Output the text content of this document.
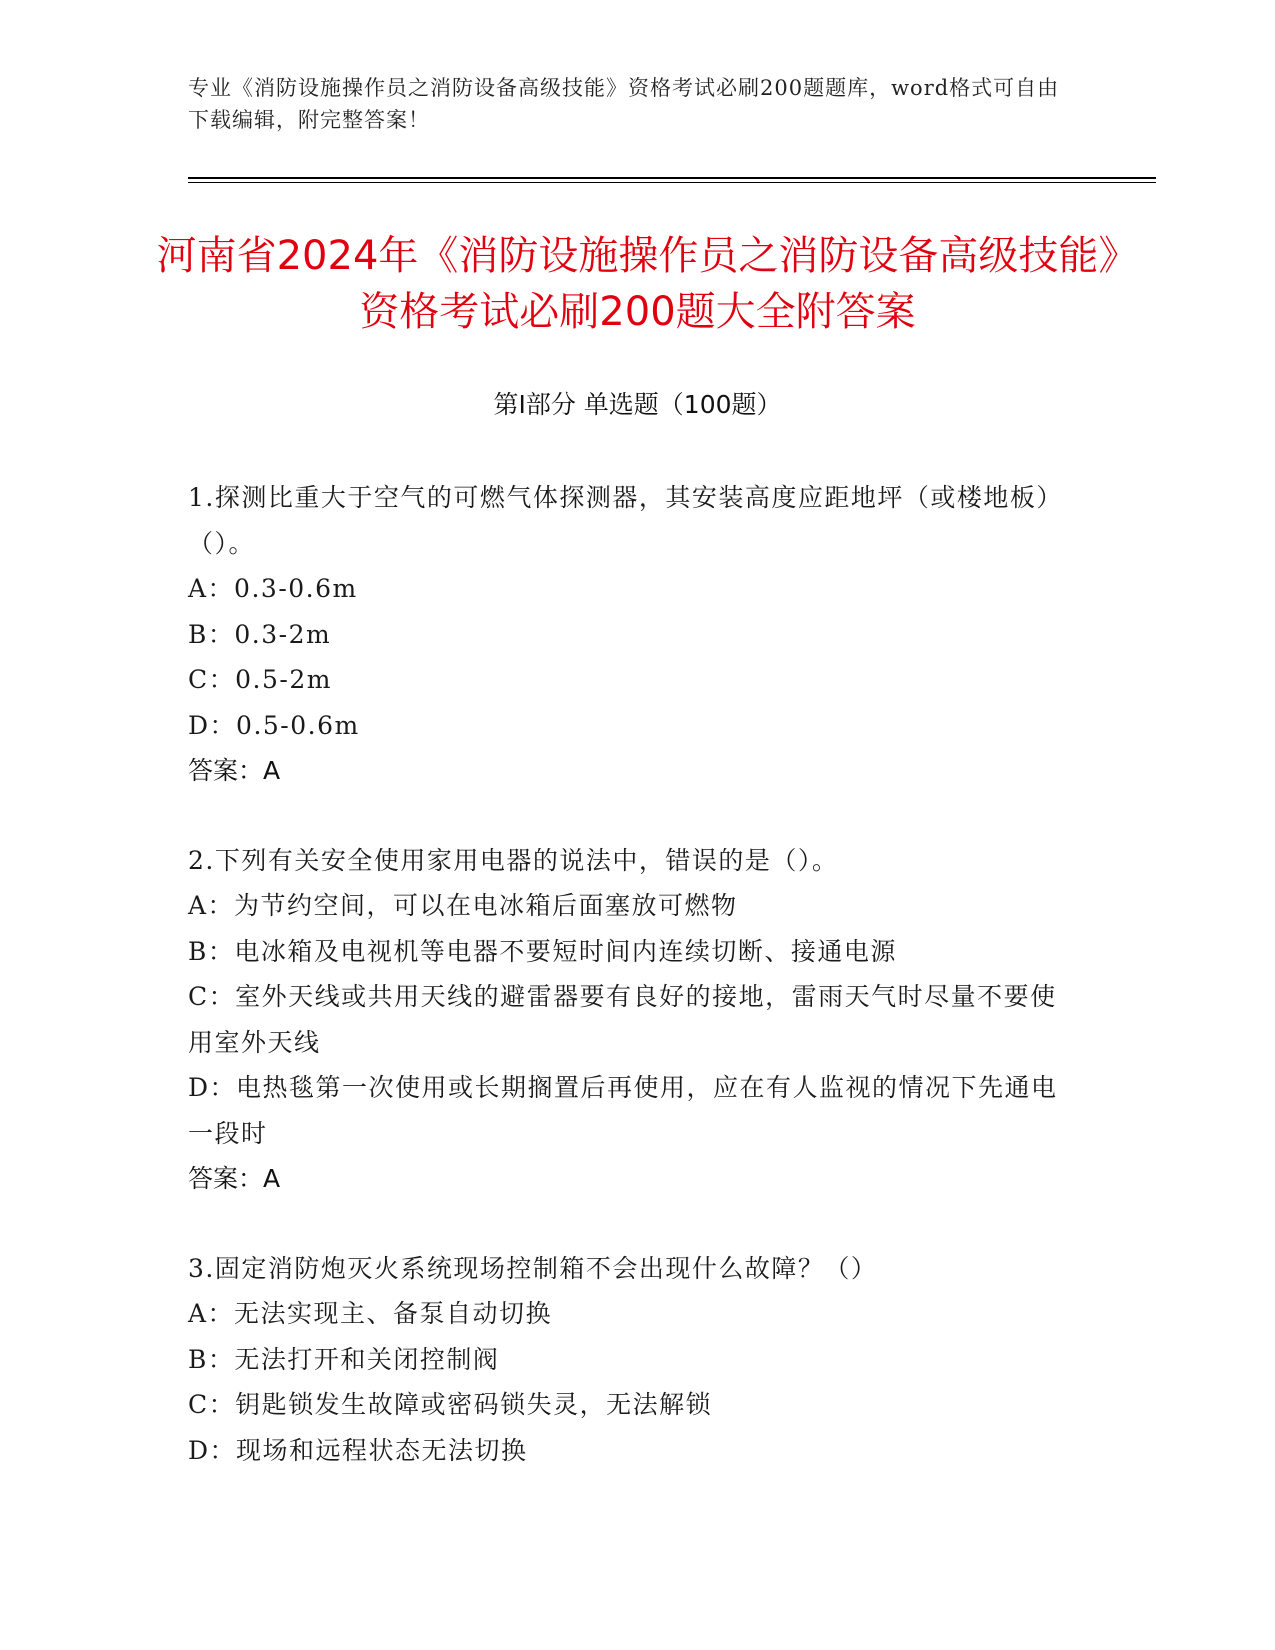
专业《消防设施操作员之消防设备高级技能》资格考试必刷200题题库，word格式可自由下载编辑，附完整答案！
河南省2024年《消防设施操作员之消防设备高级技能》资格考试必刷200题大全附答案
第Ⅰ部分 单选题（100题）
1.探测比重大于空气的可燃气体探测器，其安装高度应距地坪（或楼地板）（）。
A：0.3-0.6m
B：0.3-2m
C：0.5-2m
D：0.5-0.6m
答案：A
2.下列有关安全使用家用电器的说法中，错误的是（）。
A：为节约空间，可以在电冰箱后面塞放可燃物
B：电冰箱及电视机等电器不要短时间内连续切断、接通电源
C：室外天线或共用天线的避雷器要有良好的接地，雷雨天气时尽量不要使用室外天线
D：电热毯第一次使用或长期搁置后再使用，应在有人监视的情况下先通电一段时
答案：A
3.固定消防炮灭火系统现场控制箱不会出现什么故障？（）
A：无法实现主、备泵自动切换
B：无法打开和关闭控制阀
C：钥匙锁发生故障或密码锁失灵，无法解锁
D：现场和远程状态无法切换
